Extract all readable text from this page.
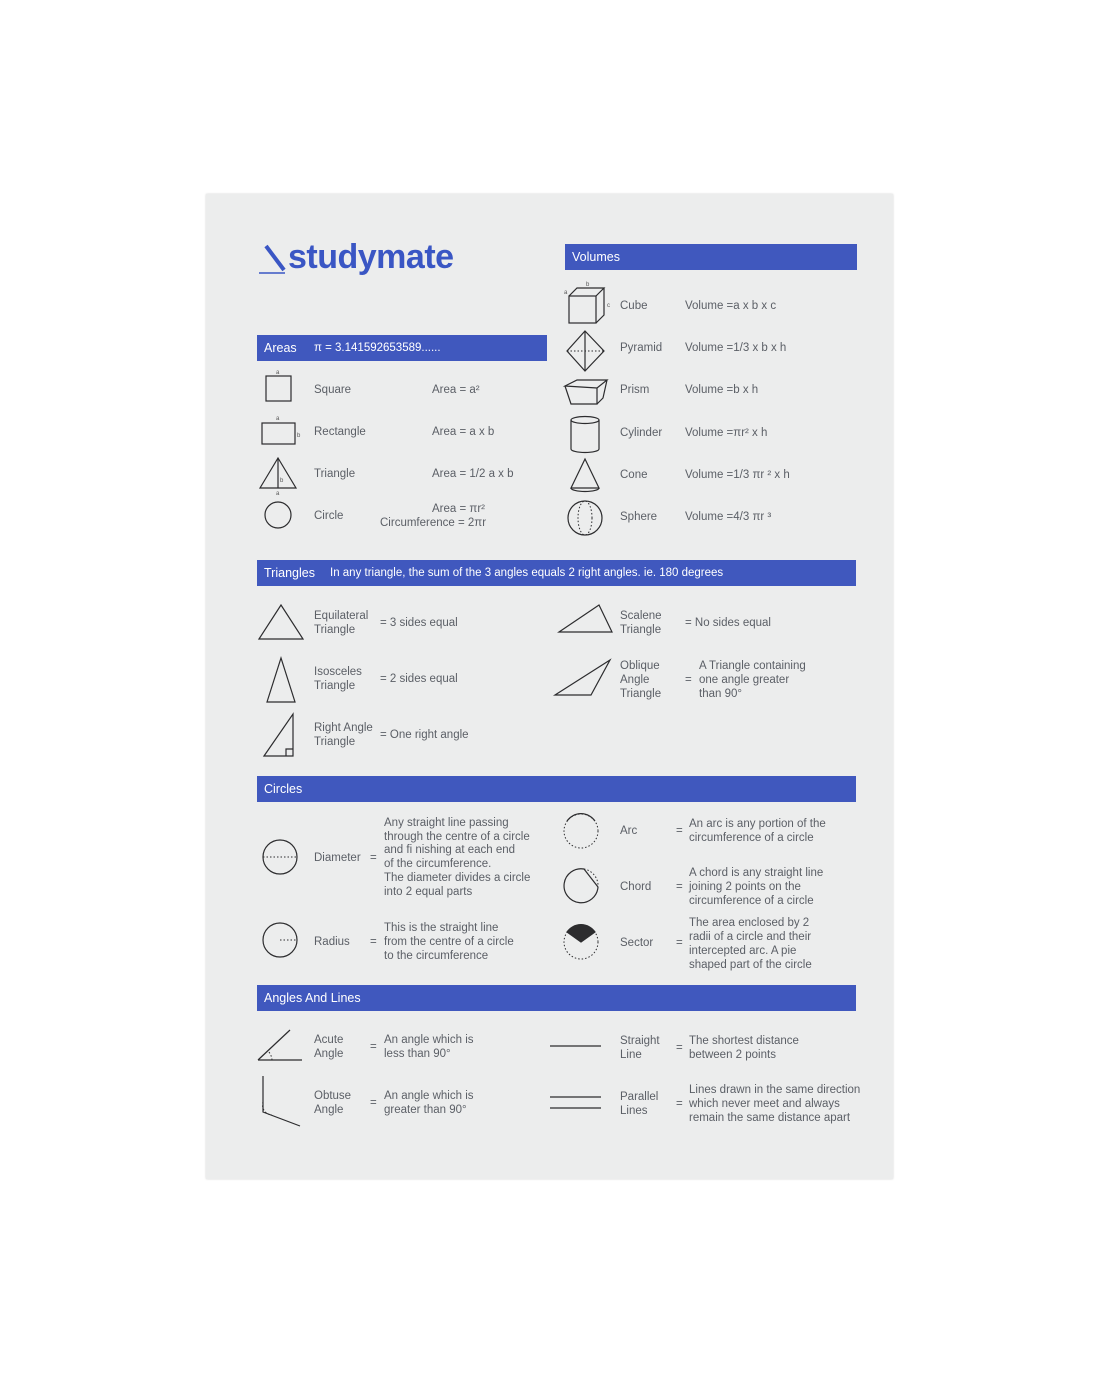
studymate
Areas π = 3.141592653589......
a
Square	Area = a²
a
b Rectangle	Area = a x b
b
a
Triangle	Area = 1/2 a x b
Circle
Area = πr²
Circumference = 2πr
Volumes
b
a
c Cube	Volume =a x b x c
Pyramid Volume =1/3 x b x h
Prism	Volume =b x h
Cylinder Volume =πr² x h
Cone	Volume =1/3 πr ² x h
Sphere Volume =4/3 πr ³
Triangles In any triangle, the sum of the 3 angles equals 2 right angles. ie. 180 degrees
Equilateral
Triangle
= 3 sides equal
Isosceles
Triangle
= 2 sides equal
Right Angle
Triangle
= One right angle
Scalene
Triangle
= No sides equal
Oblique
Angle
Triangle
=
A Triangle containing
one angle greater
than 90°
Circles
Diameter =
Any straight line passing
through the centre of a circle
and fi nishing at each end
of the circumference.
The diameter divides a circle
into 2 equal parts
Radius =
This is the straight line
from the centre of a circle
to the circumference
Arc	=
An arc is any portion of the
circumference of a circle
Chord =
A chord is any straight line
joining 2 points on the
circumference of a circle
Sector =
The area enclosed by 2
radii of a circle and their
intercepted arc. A pie
shaped part of the circle
Angles And Lines
Acute
Angle
=
An angle which is
less than 90°
Obtuse
Angle
=
An angle which is
greater than 90°
Straight
Line
=
The shortest distance
between 2 points
Parallel
Lines
=
Lines drawn in the same direction
which never meet and always
remain the same distance apart
